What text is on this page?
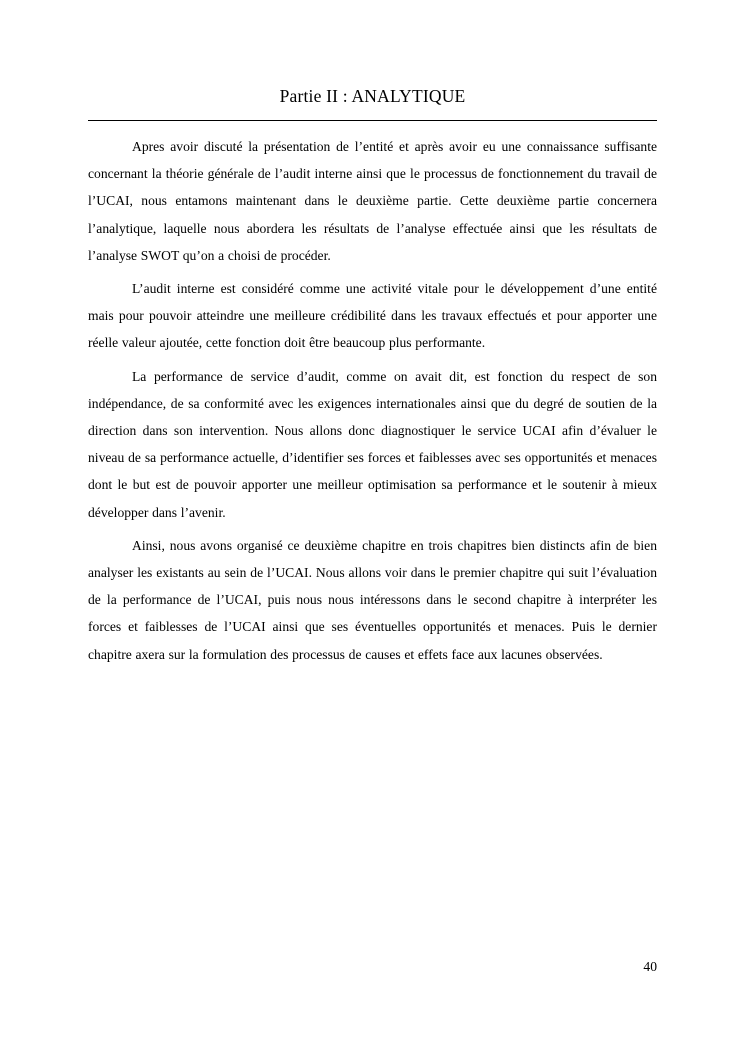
Partie II : ANALYTIQUE

Apres avoir discuté la présentation de l’entité et après avoir eu une connaissance suffisante concernant la théorie générale de l’audit interne ainsi que le processus de fonctionnement du travail de l’UCAI, nous entamons maintenant dans le deuxième partie. Cette deuxième partie concernera l’analytique, laquelle nous abordera les résultats de l’analyse effectuée ainsi que les résultats de l’analyse SWOT qu’on a choisi de procéder.

L’audit interne est considéré comme une activité vitale pour le développement d’une entité mais pour pouvoir atteindre une meilleure crédibilité dans les travaux effectués et pour apporter une réelle valeur ajoutée, cette fonction doit être beaucoup plus performante.

La performance de service d’audit, comme on avait dit, est fonction du respect de son indépendance, de sa conformité avec les exigences internationales ainsi que du degré de soutien de la direction dans son intervention. Nous allons donc diagnostiquer le service UCAI afin d’évaluer le niveau de sa performance actuelle, d’identifier ses forces et faiblesses avec ses opportunités et menaces dont le but est de pouvoir apporter une meilleur optimisation sa performance et le soutenir à mieux développer dans l’avenir.

Ainsi, nous avons organisé ce deuxième chapitre en trois chapitres bien distincts afin de bien analyser les existants au sein de l’UCAI. Nous allons voir dans le premier chapitre qui suit l’évaluation de la performance de l’UCAI, puis nous nous intéressons dans le second chapitre à interpréter les forces et faiblesses de l’UCAI ainsi que ses éventuelles opportunités et menaces. Puis le dernier chapitre axera sur la formulation des processus de causes et effets face aux lacunes observées.

40
